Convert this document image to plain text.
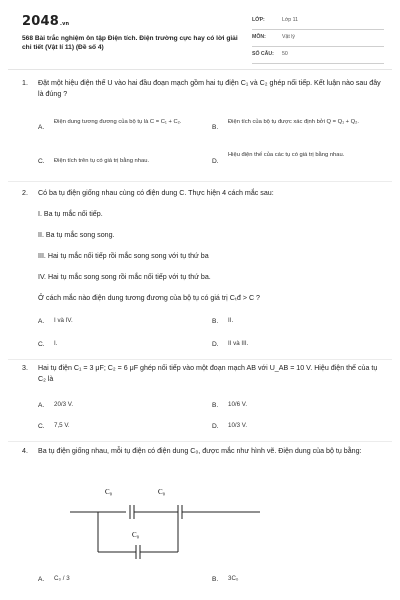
2048.vn
568 Bài trắc nghiệm ôn tập Điện tích. Điện trường cực hay có lời giải chi tiết (Vật lí 11) (Đề số 4)
LỚP:	Lớp 11
MÔN:	Vật lý
SỐ CÂU: 50
1. Đặt một hiệu điện thế U vào hai đầu đoạn mạch gồm hai tụ điện C₁ và C₂ ghép nối tiếp. Kết luận nào sau đây là đúng ?
A.
Điện dung tương đương của bộ tụ là C = C₁ + C₂.
B.
Điện tích của bộ tụ được xác định bởi Q = Q₁ + Q₂.
C. Điện tích trên tụ có giá trị bằng nhau.	D.
Hiệu điện thế của các tụ có giá trị bằng nhau.
2. Có ba tụ điện giống nhau cùng có điện dung C. Thực hiện 4 cách mắc sau:
I. Ba tụ mắc nối tiếp.
II. Ba tụ mắc song song.
III. Hai tụ mắc nối tiếp rồi mắc song song với tụ thứ ba
IV. Hai tụ mắc song song rồi mắc nối tiếp với tụ thứ ba.
Ở cách mắc nào điện dung tương đương của bộ tụ có giá trị Cₜđ > C ?
A. I và IV.	B. II.
C. I.	D. II và III.
3. Hai tụ điện C₁ = 3 μF; C₂ = 6 μF ghép nối tiếp vào một đoạn mạch AB với U_AB = 10 V. Hiệu điện thế của tụ C₂ là
A. 20/3 V.	B. 10/6 V.
C. 7,5 V.	D. 10/3 V.
4. Ba tụ điện giống nhau, mỗi tụ điện có điện dung C₀, được mắc như hình vẽ. Điện dung của bộ tụ bằng:
C₀	C₀
C₀
A. C₀ / 3	B. 3C₀
